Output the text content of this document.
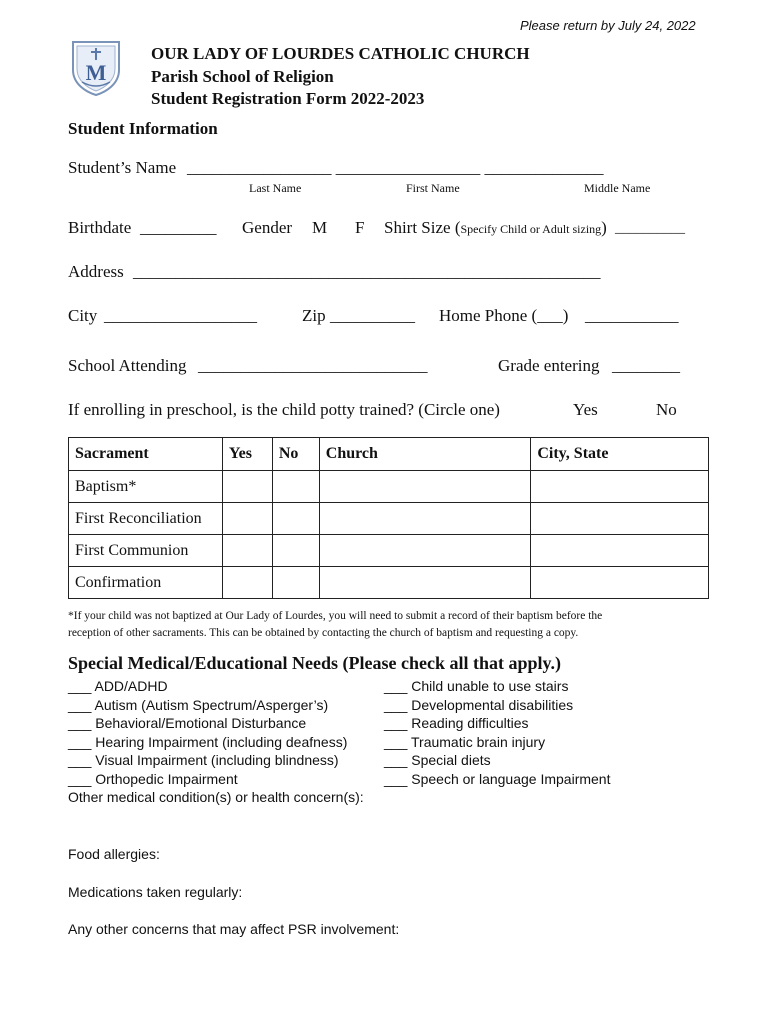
Please return by July 24, 2022
M
OUR LADY OF LOURDES CATHOLIC CHURCH
Parish School of Religion
Student Registration Form 2022-2023
Student Information
Student’s Name _________________ _________________ ______________
Last Name	First Name	Middle Name
Birthdate _________ Gender M F Shirt Size (Specify Child or Adult sizing) __________
Address _______________________________________________________
City __________________	Zip __________ Home Phone (___) ___________
School Attending ___________________________	Grade entering ________
If enrolling in preschool, is the child potty trained? (Circle one)	Yes	No
Sacrament	Yes	No	Church	City, State
Baptism*				
First Reconciliation				
First Communion				
Confirmation				
*If your child was not baptized at Our Lady of Lourdes, you will need to submit a record of their baptism before the
reception of other sacraments. This can be obtained by contacting the church of baptism and requesting a copy.
Special Medical/Educational Needs (Please check all that apply.)
___ ADD/ADHD
___ Autism (Autism Spectrum/Asperger’s)
___ Behavioral/Emotional Disturbance
___ Hearing Impairment (including deafness)
___ Visual Impairment (including blindness)
___ Orthopedic Impairment
Other medical condition(s) or health concern(s):
___ Child unable to use stairs
___ Developmental disabilities
___ Reading difficulties
___ Traumatic brain injury
___ Special diets
___ Speech or language Impairment
Food allergies:
Medications taken regularly:
Any other concerns that may affect PSR involvement:
